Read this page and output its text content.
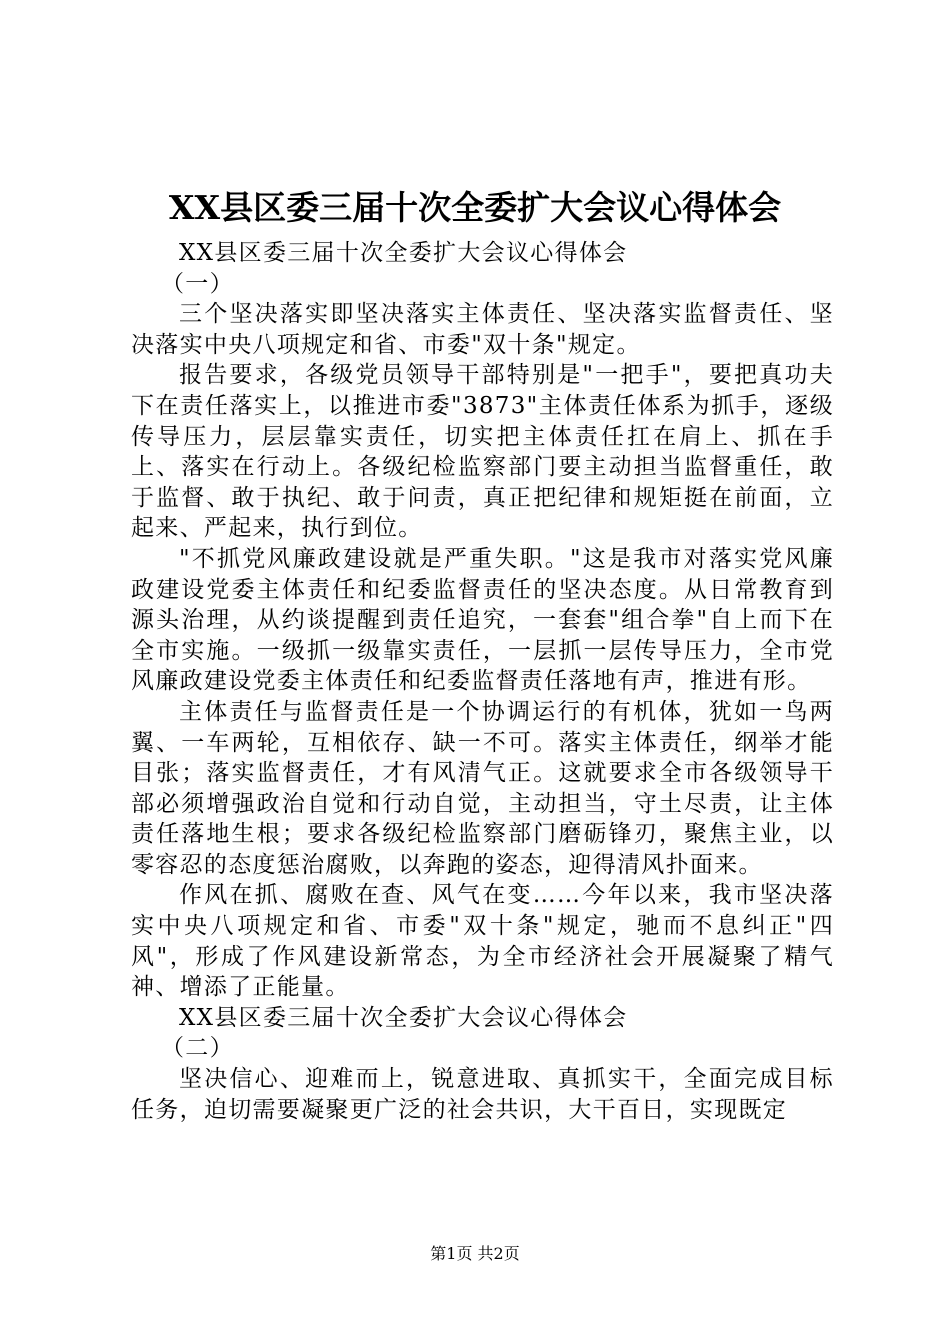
XX县区委三届十次全委扩大会议心得体会

XX县区委三届十次全委扩大会议心得体会

（一）

三个坚决落实即坚决落实主体责任、坚决落实监督责任、坚决落实中央八项规定和省、市委"双十条"规定。

报告要求，各级党员领导干部特别是"一把手"，要把真功夫下在责任落实上，以推进市委"3873"主体责任体系为抓手，逐级传导压力，层层靠实责任，切实把主体责任扛在肩上、抓在手上、落实在行动上。各级纪检监察部门要主动担当监督重任，敢于监督、敢于执纪、敢于问责，真正把纪律和规矩挺在前面，立起来、严起来，执行到位。

"不抓党风廉政建设就是严重失职。"这是我市对落实党风廉政建设党委主体责任和纪委监督责任的坚决态度。从日常教育到源头治理，从约谈提醒到责任追究，一套套"组合拳"自上而下在全市实施。一级抓一级靠实责任，一层抓一层传导压力，全市党风廉政建设党委主体责任和纪委监督责任落地有声，推进有形。

主体责任与监督责任是一个协调运行的有机体，犹如一鸟两翼、一车两轮，互相依存、缺一不可。落实主体责任，纲举才能目张；落实监督责任，才有风清气正。这就要求全市各级领导干部必须增强政治自觉和行动自觉，主动担当，守土尽责，让主体责任落地生根；要求各级纪检监察部门磨砺锋刃，聚焦主业，以零容忍的态度惩治腐败，以奔跑的姿态，迎得清风扑面来。

作风在抓、腐败在查、风气在变……今年以来，我市坚决落实中央八项规定和省、市委"双十条"规定，驰而不息纠正"四风"，形成了作风建设新常态，为全市经济社会开展凝聚了精气神、增添了正能量。

XX县区委三届十次全委扩大会议心得体会

（二）

坚决信心、迎难而上，锐意进取、真抓实干，全面完成目标任务，迫切需要凝聚更广泛的社会共识，大干百日，实现既定

第1页 共2页
